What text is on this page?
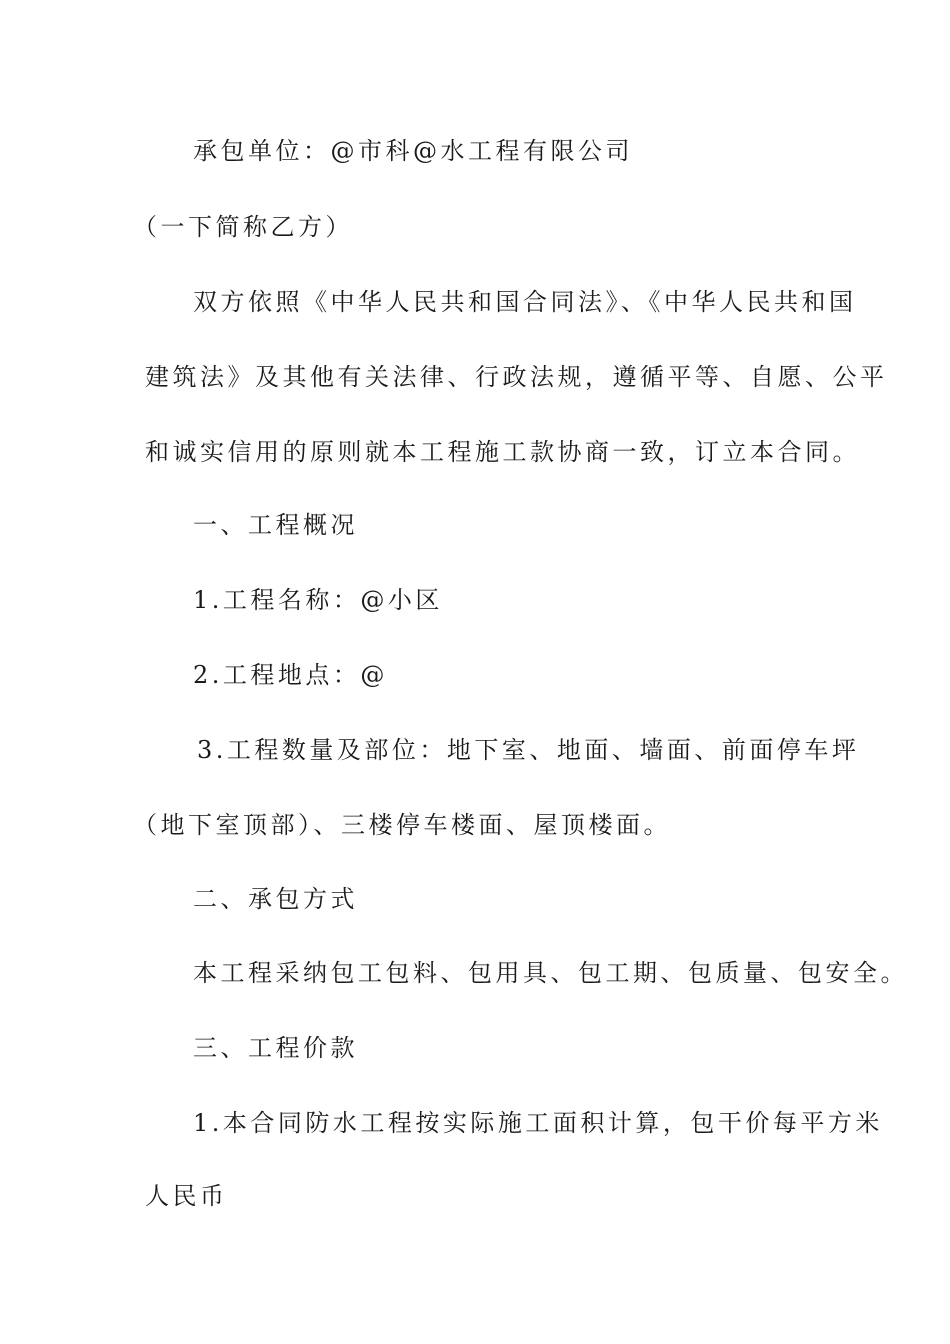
承包单位：@市科@水工程有限公司
（一下简称乙方）
双方依照《中华人民共和国合同法》、《中华人民共和国
建筑法》及其他有关法律、行政法规，遵循平等、自愿、公平
和诚实信用的原则就本工程施工款协商一致，订立本合同。
一、工程概况
1.工程名称：@小区
2.工程地点：@
3.工程数量及部位：地下室、地面、墙面、前面停车坪
（地下室顶部）、三楼停车楼面、屋顶楼面。
二、承包方式
本工程采纳包工包料、包用具、包工期、包质量、包安全。
三、工程价款
1.本合同防水工程按实际施工面积计算，包干价每平方米
人民币
